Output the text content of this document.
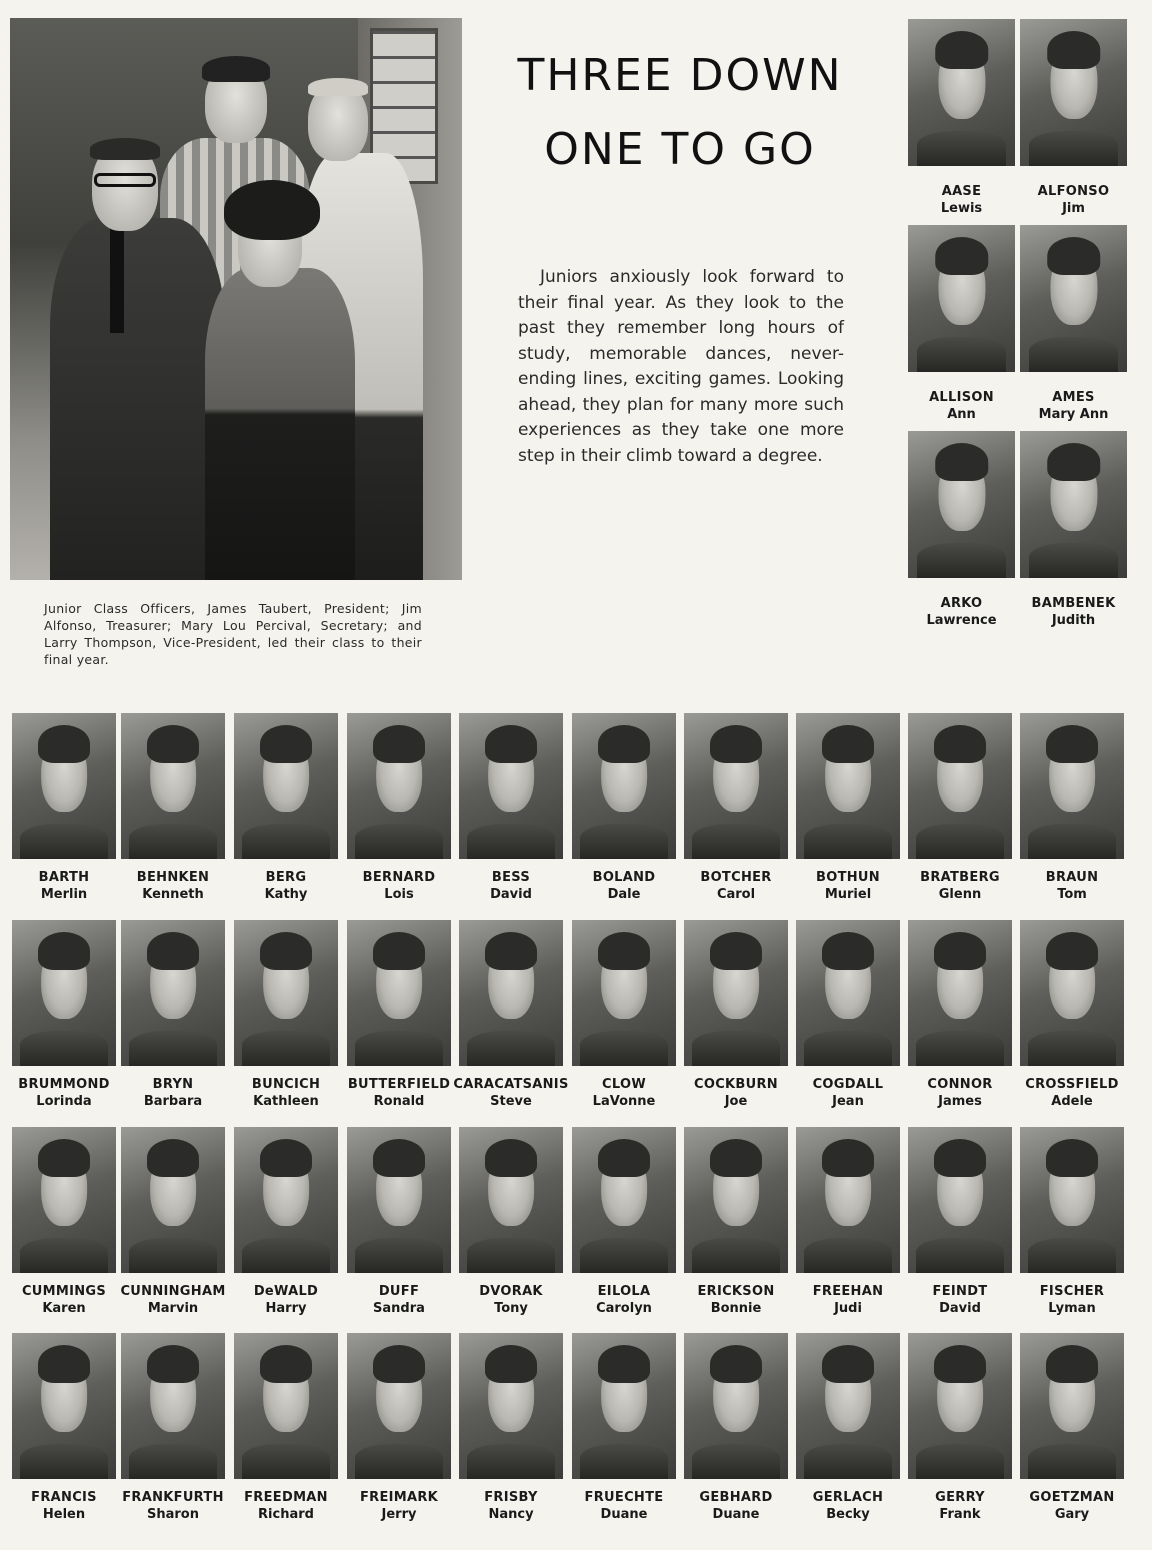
THREE DOWN
ONE TO GO

Juniors anxiously look forward to their final year. As they look to the past they remember long hours of study, memorable dances, never-ending lines, exciting games. Looking ahead, they plan for many more such experiences as they take one more step in their climb toward a degree.

Junior Class Officers, James Taubert, President; Jim Alfonso, Treasurer; Mary Lou Percival, Secretary; and Larry Thompson, Vice-President, led their class to their final year.

AASE
Lewis
ALFONSO
Jim
ALLISON
Ann
AMES
Mary Ann
ARKO
Lawrence
BAMBENEK
Judith
BARTH
Merlin
BEHNKEN
Kenneth
BERG
Kathy
BERNARD
Lois
BESS
David
BOLAND
Dale
BOTCHER
Carol
BOTHUN
Muriel
BRATBERG
Glenn
BRAUN
Tom
BRUMMOND
Lorinda
BRYN
Barbara
BUNCICH
Kathleen
BUTTERFIELD
Ronald
CARACATSANIS
Steve
CLOW
LaVonne
COCKBURN
Joe
COGDALL
Jean
CONNOR
James
CROSSFIELD
Adele
CUMMINGS
Karen
CUNNINGHAM
Marvin
DeWALD
Harry
DUFF
Sandra
DVORAK
Tony
EILOLA
Carolyn
ERICKSON
Bonnie
FREEHAN
Judi
FEINDT
David
FISCHER
Lyman
FRANCIS
Helen
FRANKFURTH
Sharon
FREEDMAN
Richard
FREIMARK
Jerry
FRISBY
Nancy
FRUECHTE
Duane
GEBHARD
Duane
GERLACH
Becky
GERRY
Frank
GOETZMAN
Gary
